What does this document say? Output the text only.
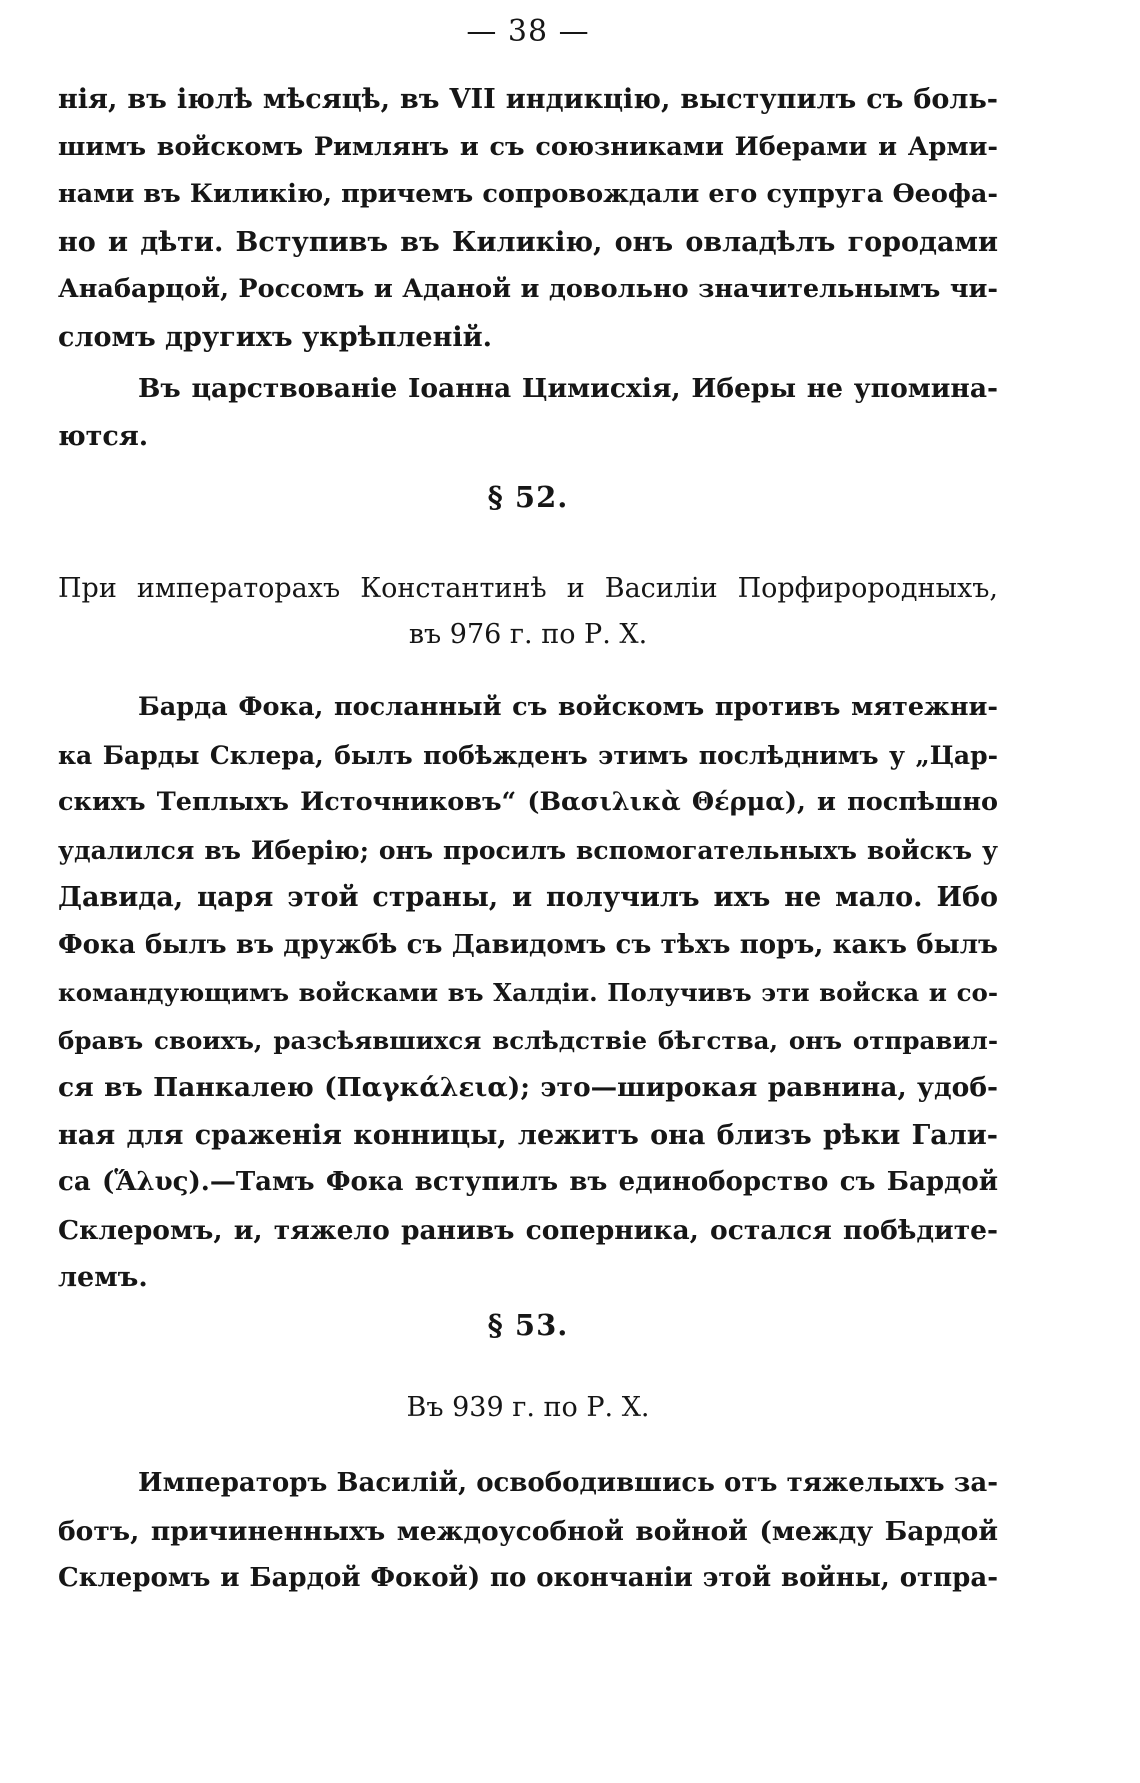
— 38 —
нія, въ іюлѣ мѣсяцѣ, въ VII индикцію, выступилъ съ боль-
шимъ войскомъ Римлянъ и съ союзниками Иберами и Арми-
нами въ Киликію, причемъ сопровождали его супруга Ѳеофа-
но и дѣти. Вступивъ въ Киликію, онъ овладѣлъ городами
Анабарцой, Россомъ и Аданой и довольно значительнымъ чи-
сломъ другихъ укрѣпленій.
Въ царствованіе Іоанна Цимисхія, Иберы не упомина-
ются.
§ 52.
При императорахъ Константинѣ и Василіи Порфирородныхъ,
въ 976 г. по Р. Х.
Барда Фока, посланный съ войскомъ противъ мятежни-
ка Барды Склера, былъ побѣжденъ этимъ послѣднимъ у „Цар-
скихъ Теплыхъ Источниковъ“ (Βασιλικὰ Θέρμα), и поспѣшно
удалился въ Иберію; онъ просилъ вспомогательныхъ войскъ у
Давида, царя этой страны, и получилъ ихъ не мало. Ибо
Фока былъ въ дружбѣ съ Давидомъ съ тѣхъ поръ, какъ былъ
командующимъ войсками въ Халдіи. Получивъ эти войска и со-
бравъ своихъ, разсѣявшихся вслѣдствіе бѣгства, онъ отправил-
ся въ Панкалею (Παγκάλεια); это—широкая равнина, удоб-
ная для сраженія конницы, лежитъ она близъ рѣки Гали-
са (Ἅλυς).—Тамъ Фока вступилъ въ единоборство съ Бардой
Склеромъ, и, тяжело ранивъ соперника, остался побѣдите-
лемъ.
§ 53.
Въ 939 г. по Р. Х.
Императоръ Василій, освободившись отъ тяжелыхъ за-
ботъ, причиненныхъ междоусобной войной (между Бардой
Склеромъ и Бардой Фокой) по окончаніи этой войны, отпра-
